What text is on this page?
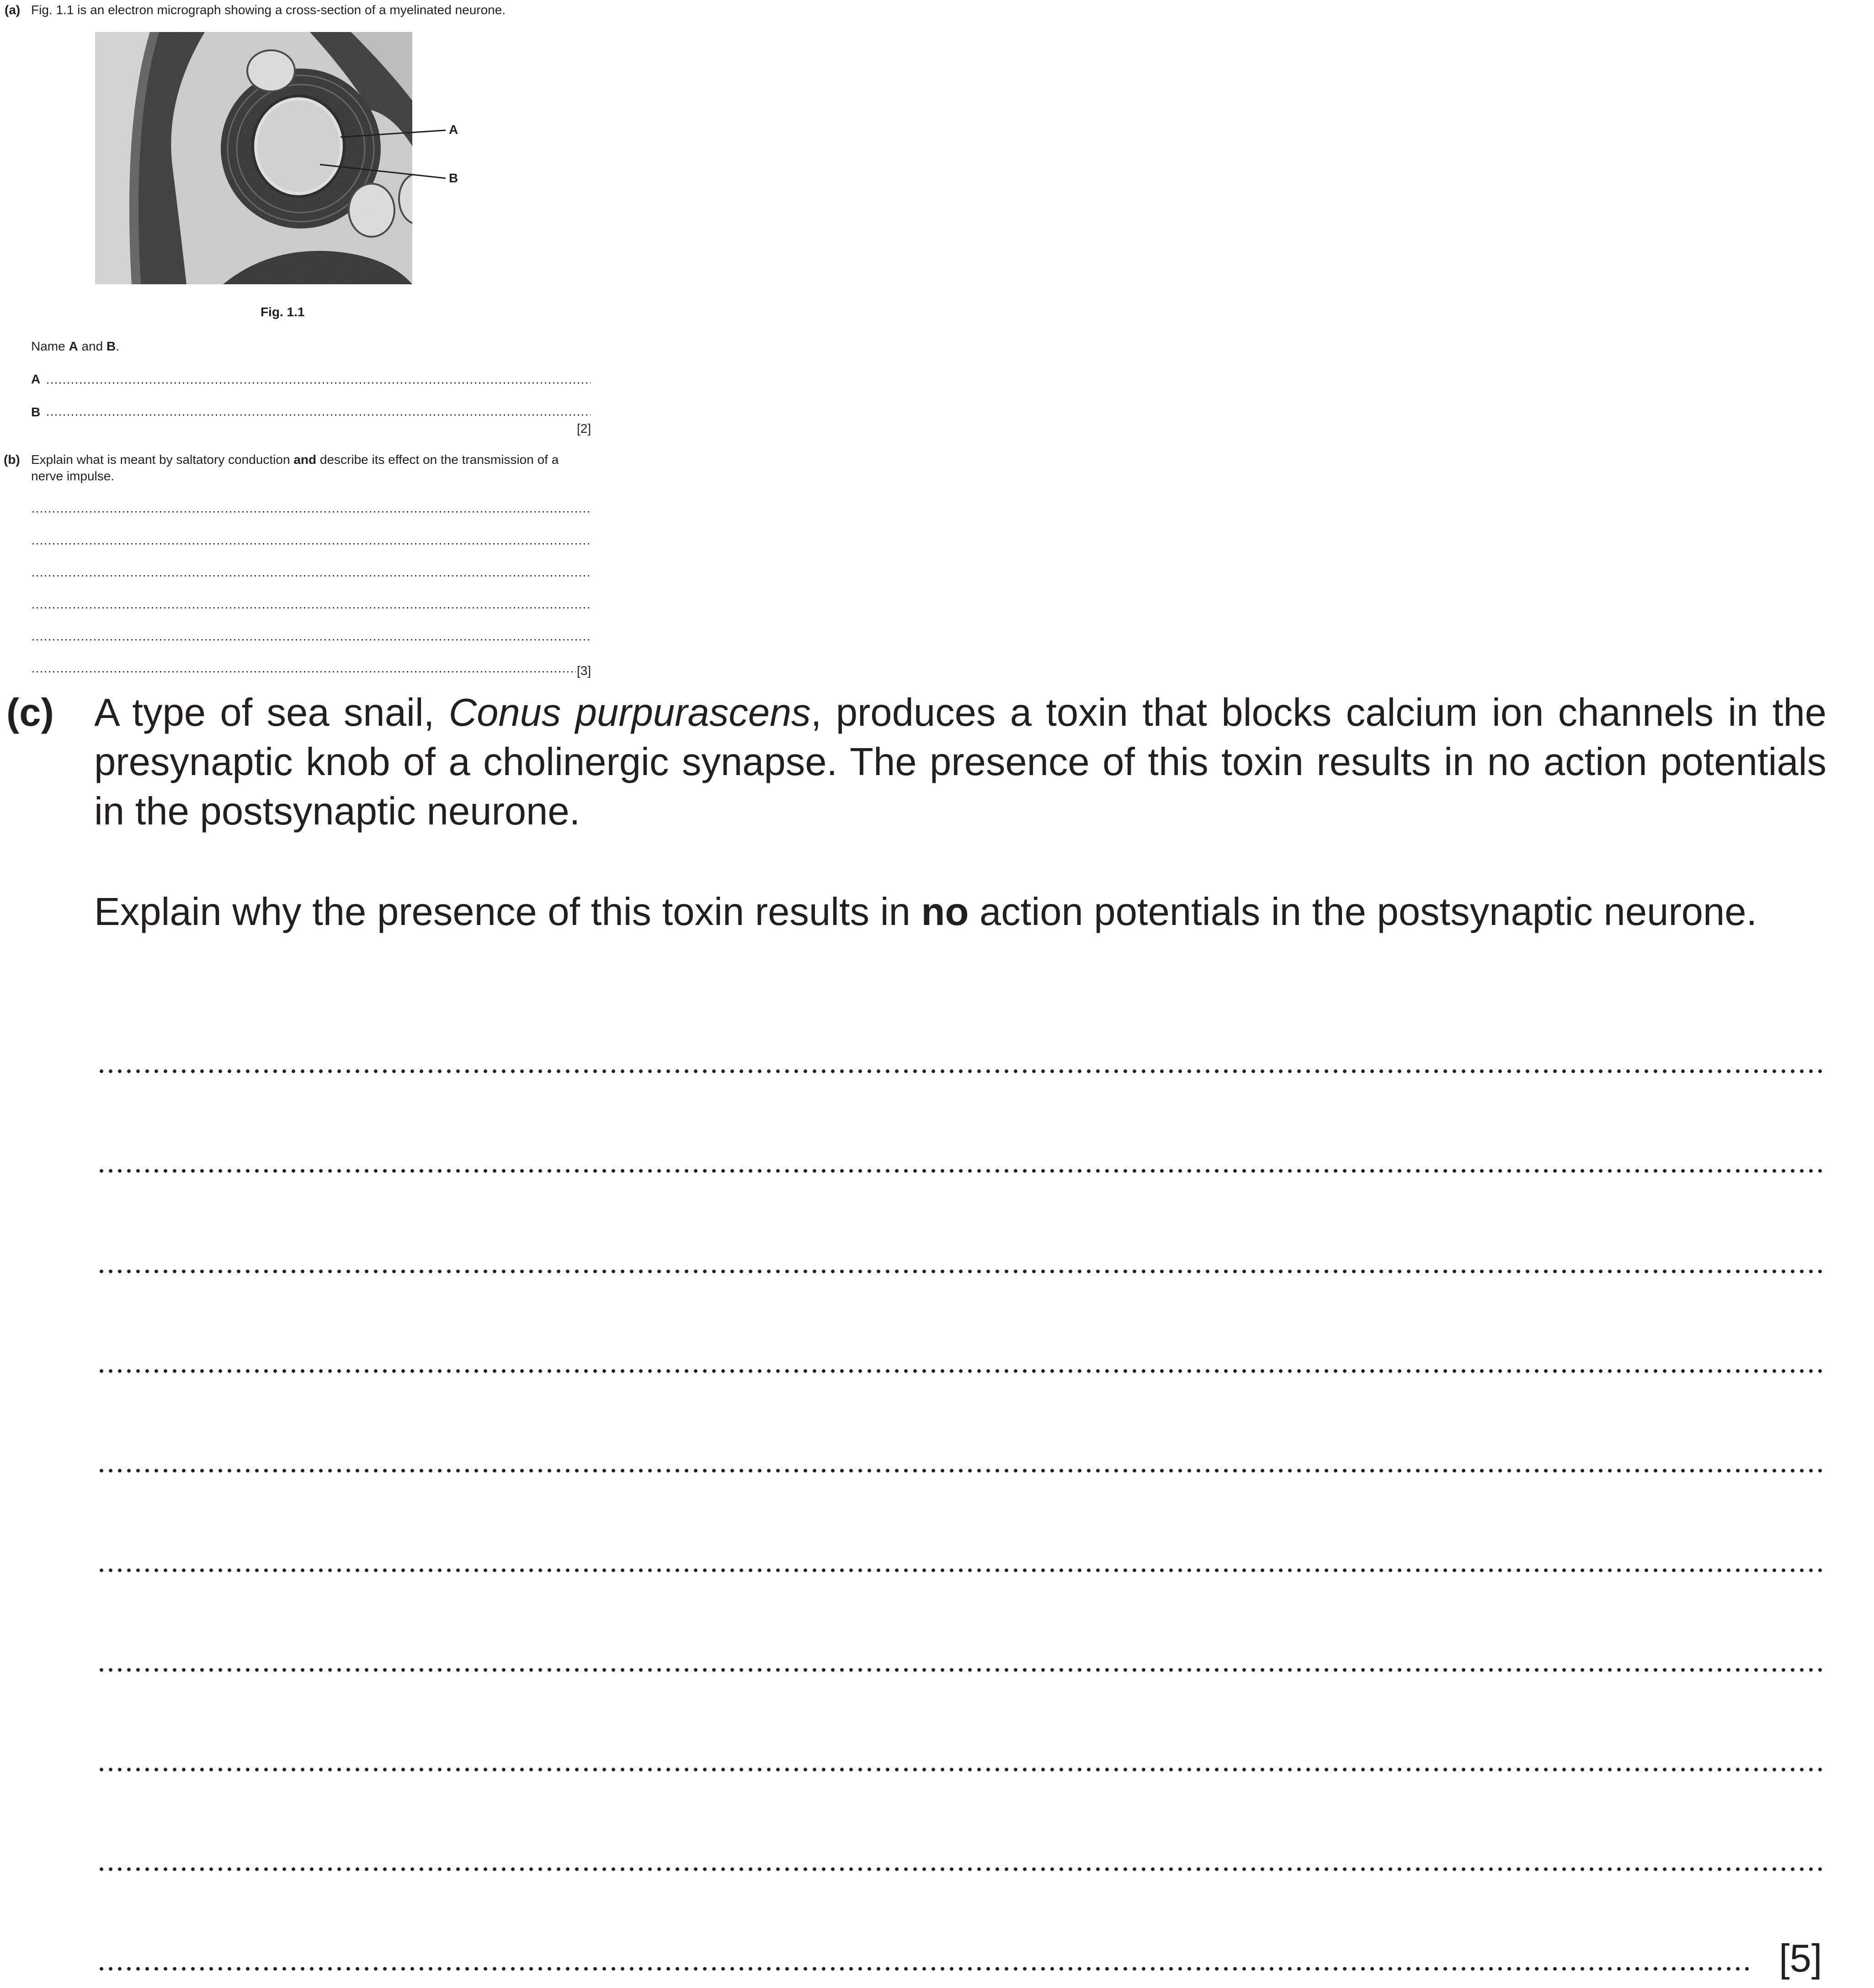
(a) Fig. 1.1 is an electron micrograph showing a cross-section of a myelinated neurone.
A
B
Fig. 1.1
Name A and B.
A
B
[2]
(b) Explain what is meant by saltatory conduction and describe its effect on the transmission of a
nerve impulse.
[3]
(c) A type of sea snail, Conus purpurascens, produces a toxin that blocks calcium ion channels in the presynaptic knob of a cholinergic synapse. The presence of this toxin results in no action potentials in the postsynaptic neurone.
Explain why the presence of this toxin results in no action potentials in the postsynaptic neurone.
[5]
